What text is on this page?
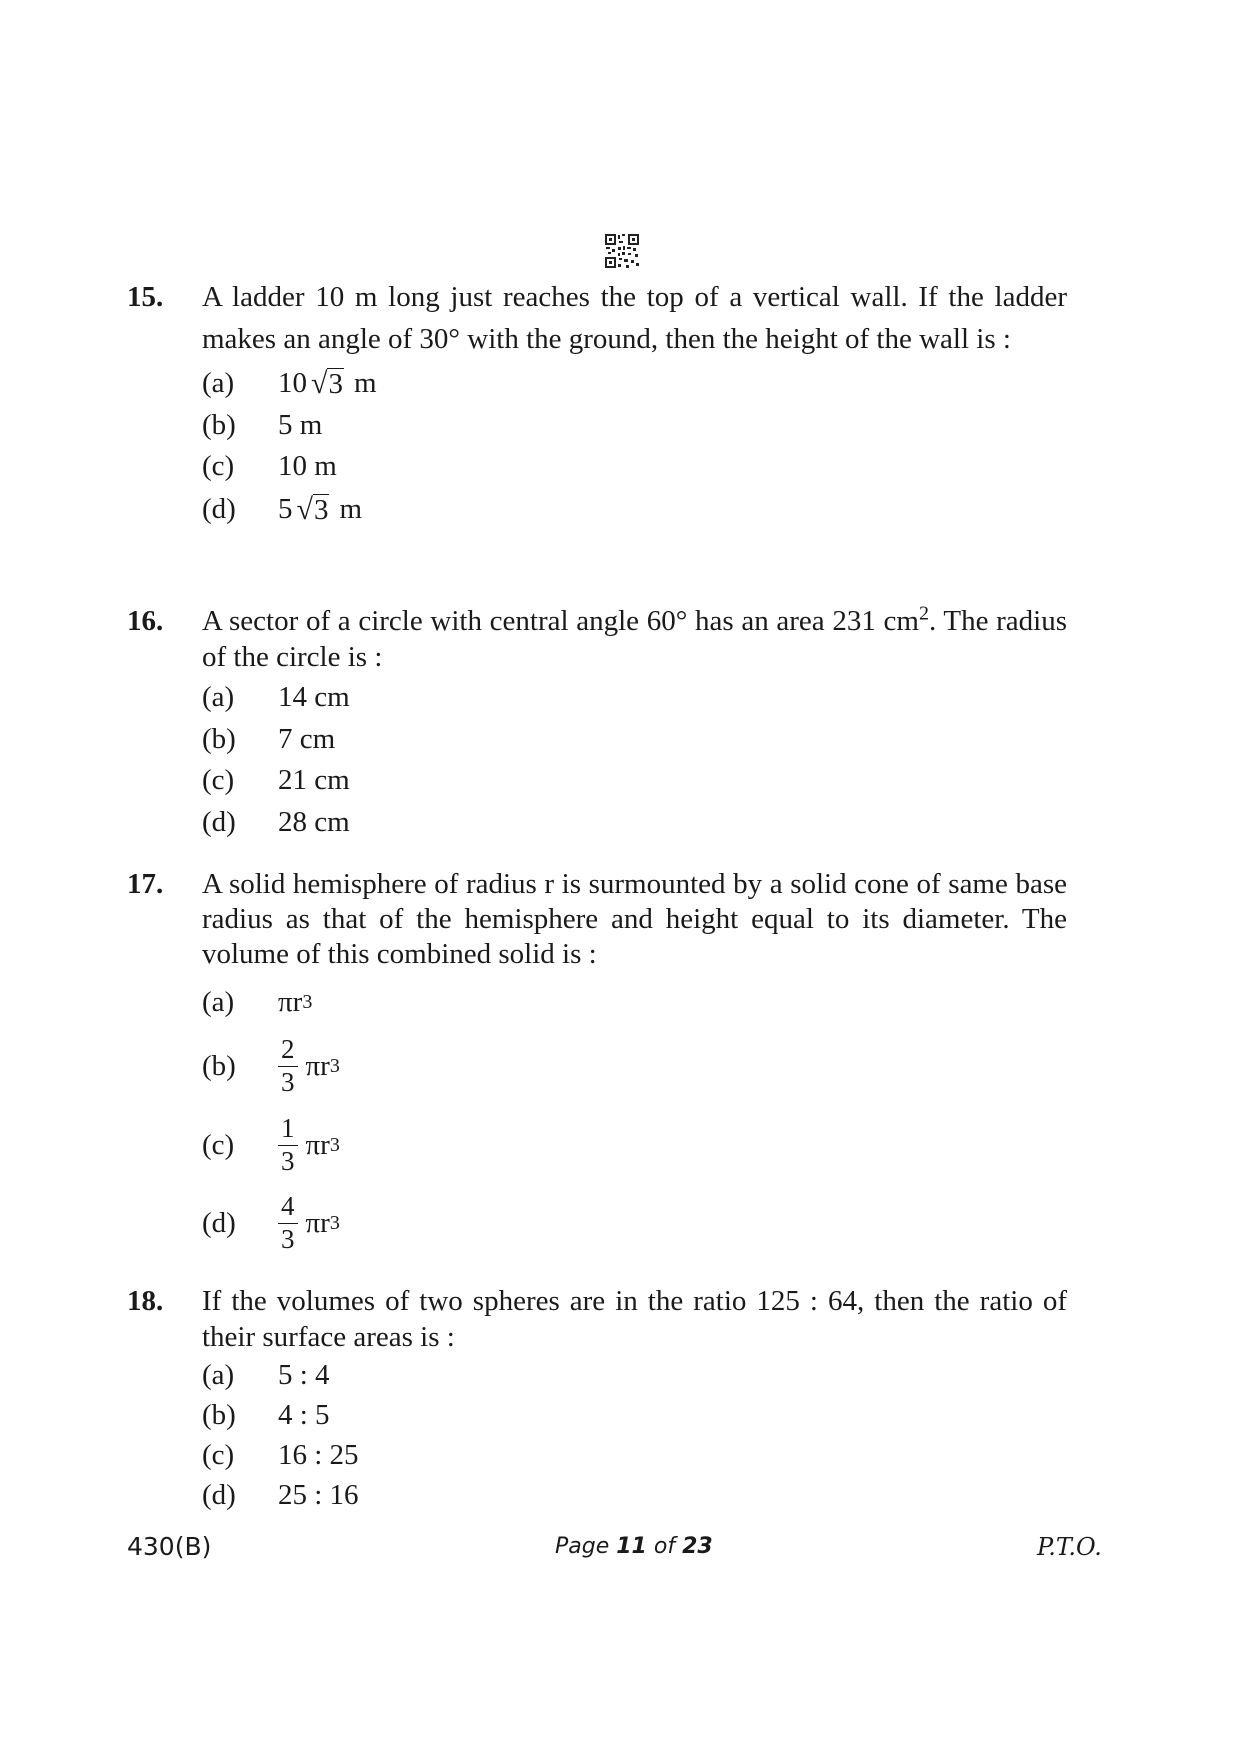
15. A ladder 10 m long just reaches the top of a vertical wall. If the ladder makes an angle of 30° with the ground, then the height of the wall is :
(a)	10 √ 3 m
(b)	5 m
(c)	10 m
(d)	5 √ 3 m
16. A sector of a circle with central angle 60° has an area 231 $cm^2$. The radius of the circle is :
(a)	14 cm
(b)	7 cm
(c)	21 cm
(d)	28 cm
17. A solid hemisphere of radius r is surmounted by a solid cone of same base radius as that of the hemisphere and height equal to its diameter. The volume of this combined solid is :
(a)	πr 3
(b)	$\frac{2}{3}$ πr 3
(c)	$\frac{1}{3}$ πr 3
(d)	$\frac{4}{3}$ πr 3
18. If the volumes of two spheres are in the ratio 125 : 64, then the ratio of their surface areas is :
(a)	5 : 4
(b)	4 : 5
(c)	16 : 25
(d)	25 : 16
430(B)	Page 11 of 23	P.T.O.
